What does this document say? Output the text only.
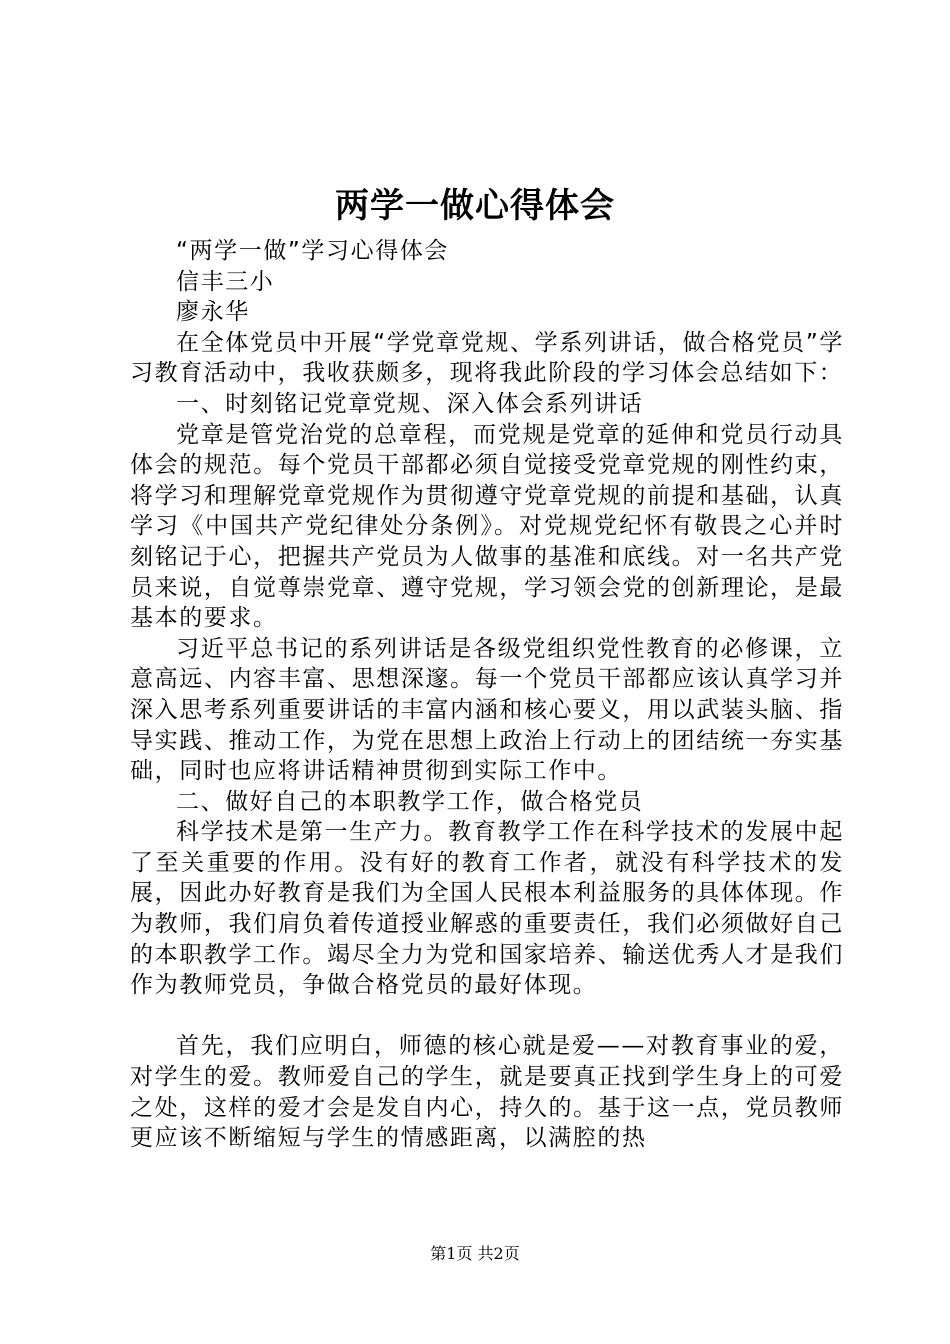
两学一做心得体会

“两学一做”学习心得体会

信丰三小

廖永华

在全体党员中开展“学党章党规、学系列讲话，做合格党员”学习教育活动中，我收获颇多，现将我此阶段的学习体会总结如下：

一、时刻铭记党章党规、深入体会系列讲话

党章是管党治党的总章程，而党规是党章的延伸和党员行动具体会的规范。每个党员干部都必须自觉接受党章党规的刚性约束，将学习和理解党章党规作为贯彻遵守党章党规的前提和基础，认真学习《中国共产党纪律处分条例》。对党规党纪怀有敬畏之心并时刻铭记于心，把握共产党员为人做事的基准和底线。对一名共产党员来说，自觉尊崇党章、遵守党规，学习领会党的创新理论，是最基本的要求。

习近平总书记的系列讲话是各级党组织党性教育的必修课，立意高远、内容丰富、思想深邃。每一个党员干部都应该认真学习并深入思考系列重要讲话的丰富内涵和核心要义，用以武装头脑、指导实践、推动工作，为党在思想上政治上行动上的团结统一夯实基础，同时也应将讲话精神贯彻到实际工作中。

二、做好自己的本职教学工作，做合格党员

科学技术是第一生产力。教育教学工作在科学技术的发展中起了至关重要的作用。没有好的教育工作者，就没有科学技术的发展，因此办好教育是我们为全国人民根本利益服务的具体体现。作为教师，我们肩负着传道授业解惑的重要责任，我们必须做好自己的本职教学工作。竭尽全力为党和国家培养、输送优秀人才是我们作为教师党员，争做合格党员的最好体现。

首先，我们应明白，师德的核心就是爱——对教育事业的爱，对学生的爱。教师爱自己的学生，就是要真正找到学生身上的可爱之处，这样的爱才会是发自内心，持久的。基于这一点，党员教师更应该不断缩短与学生的情感距离，以满腔的热

第1页 共2页
